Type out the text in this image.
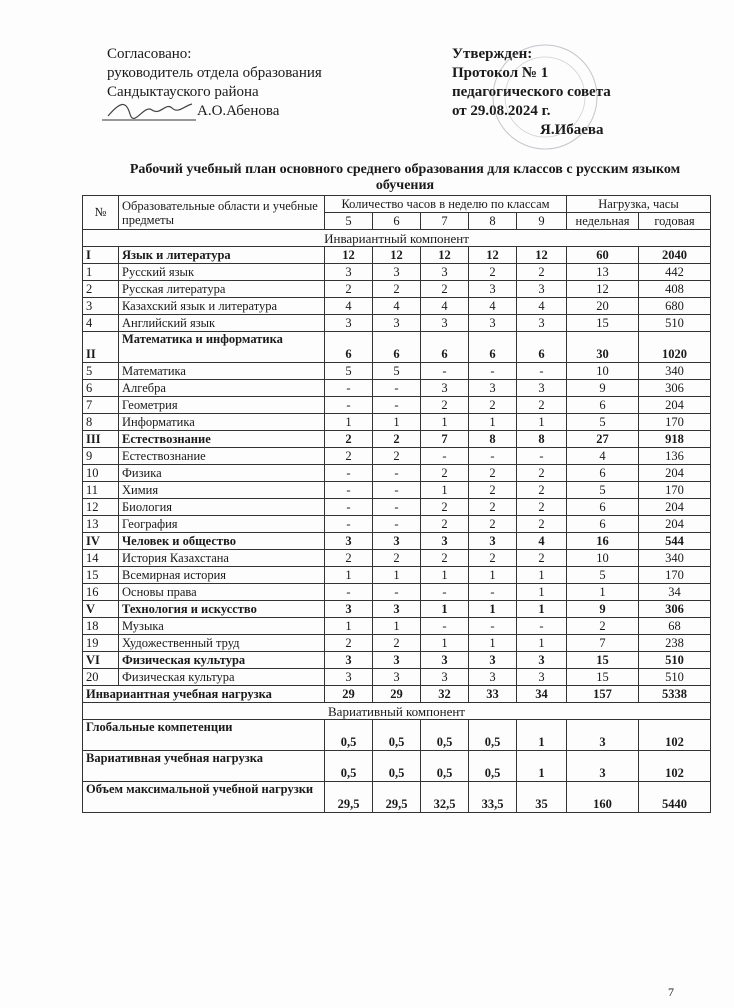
Согласовано:
руководитель отдела образования
Сандыктауского района
А.О.Абенова
Утвержден:
Протокол № 1
педагогического совета
от 29.08.2024 г.
Я.Ибаева
Рабочий учебный план основного среднего образования для классов с русским языком обучения
№	Образовательные области и учебные предметы	Количество часов в неделю по классам					Нагрузка, часы	
		5	6	7	8	9	недельная	годовая
Инвариантный компонент								
I	Язык и литература	12	12	12	12	12	60	2040
1	Русский язык	3	3	3	2	2	13	442
2	Русская литература	2	2	2	3	3	12	408
3	Казахский язык и литература	4	4	4	4	4	20	680
4	Английский язык	3	3	3	3	3	15	510
II	Математика и информатика	6	6	6	6	6	30	1020
5	Математика	5	5	-	-	-	10	340
6	Алгебра	-	-	3	3	3	9	306
7	Геометрия	-	-	2	2	2	6	204
8	Информатика	1	1	1	1	1	5	170
III	Естествознание	2	2	7	8	8	27	918
9	Естествознание	2	2	-	-	-	4	136
10	Физика	-	-	2	2	2	6	204
11	Химия	-	-	1	2	2	5	170
12	Биология	-	-	2	2	2	6	204
13	География	-	-	2	2	2	6	204
IV	Человек и общество	3	3	3	3	4	16	544
14	История Казахстана	2	2	2	2	2	10	340
15	Всемирная история	1	1	1	1	1	5	170
16	Основы права	-	-	-	-	1	1	34
V	Технология и искусство	3	3	1	1	1	9	306
18	Музыка	1	1	-	-	-	2	68
19	Художественный труд	2	2	1	1	1	7	238
VI	Физическая культура	3	3	3	3	3	15	510
20	Физическая культура	3	3	3	3	3	15	510
Инвариантная учебная нагрузка		29	29	32	33	34	157	5338
Вариативный компонент								
Глобальные компетенции		0,5	0,5	0,5	0,5	1	3	102
Вариативная учебная нагрузка		0,5	0,5	0,5	0,5	1	3	102
Объем максимальной учебной нагрузки		29,5	29,5	32,5	33,5	35	160	5440
7
